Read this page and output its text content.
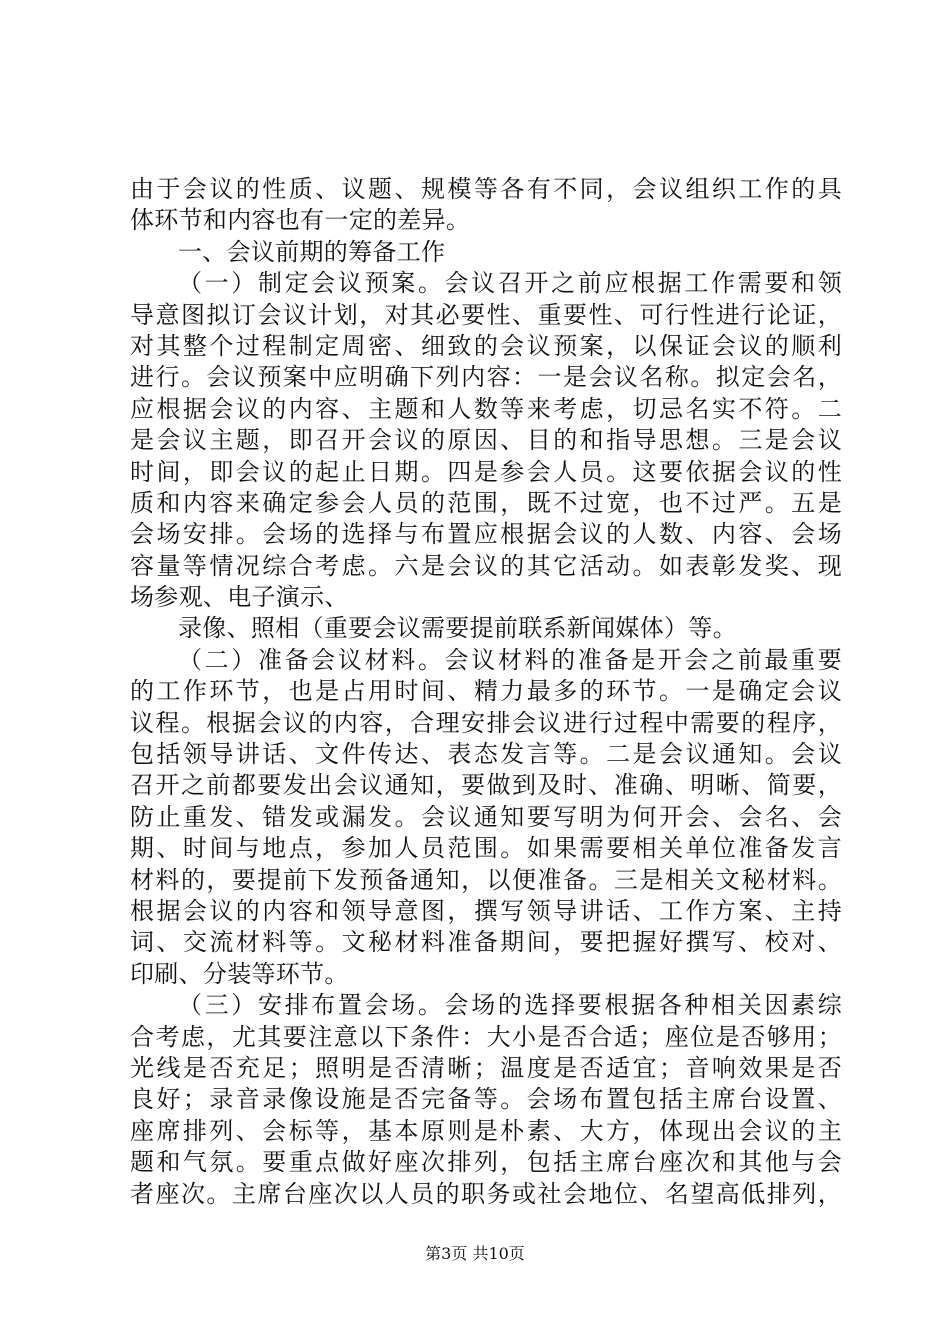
由于会议的性质、议题、规模等各有不同，会议组织工作的具
体环节和内容也有一定的差异。
一、会议前期的筹备工作
（一）制定会议预案。会议召开之前应根据工作需要和领
导意图拟订会议计划，对其必要性、重要性、可行性进行论证，
对其整个过程制定周密、细致的会议预案，以保证会议的顺利
进行。会议预案中应明确下列内容：一是会议名称。拟定会名，
应根据会议的内容、主题和人数等来考虑，切忌名实不符。二
是会议主题，即召开会议的原因、目的和指导思想。三是会议
时间，即会议的起止日期。四是参会人员。这要依据会议的性
质和内容来确定参会人员的范围，既不过宽，也不过严。五是
会场安排。会场的选择与布置应根据会议的人数、内容、会场
容量等情况综合考虑。六是会议的其它活动。如表彰发奖、现
场参观、电子演示、
录像、照相（重要会议需要提前联系新闻媒体）等。
（二）准备会议材料。会议材料的准备是开会之前最重要
的工作环节，也是占用时间、精力最多的环节。一是确定会议
议程。根据会议的内容，合理安排会议进行过程中需要的程序，
包括领导讲话、文件传达、表态发言等。二是会议通知。会议
召开之前都要发出会议通知，要做到及时、准确、明晰、简要，
防止重发、错发或漏发。会议通知要写明为何开会、会名、会
期、时间与地点，参加人员范围。如果需要相关单位准备发言
材料的，要提前下发预备通知，以便准备。三是相关文秘材料。
根据会议的内容和领导意图，撰写领导讲话、工作方案、主持
词、交流材料等。文秘材料准备期间，要把握好撰写、校对、
印刷、分装等环节。
（三）安排布置会场。会场的选择要根据各种相关因素综
合考虑，尤其要注意以下条件：大小是否合适；座位是否够用；
光线是否充足；照明是否清晰；温度是否适宜；音响效果是否
良好；录音录像设施是否完备等。会场布置包括主席台设置、
座席排列、会标等，基本原则是朴素、大方，体现出会议的主
题和气氛。要重点做好座次排列，包括主席台座次和其他与会
者座次。主席台座次以人员的职务或社会地位、名望高低排列，
第3页 共10页
